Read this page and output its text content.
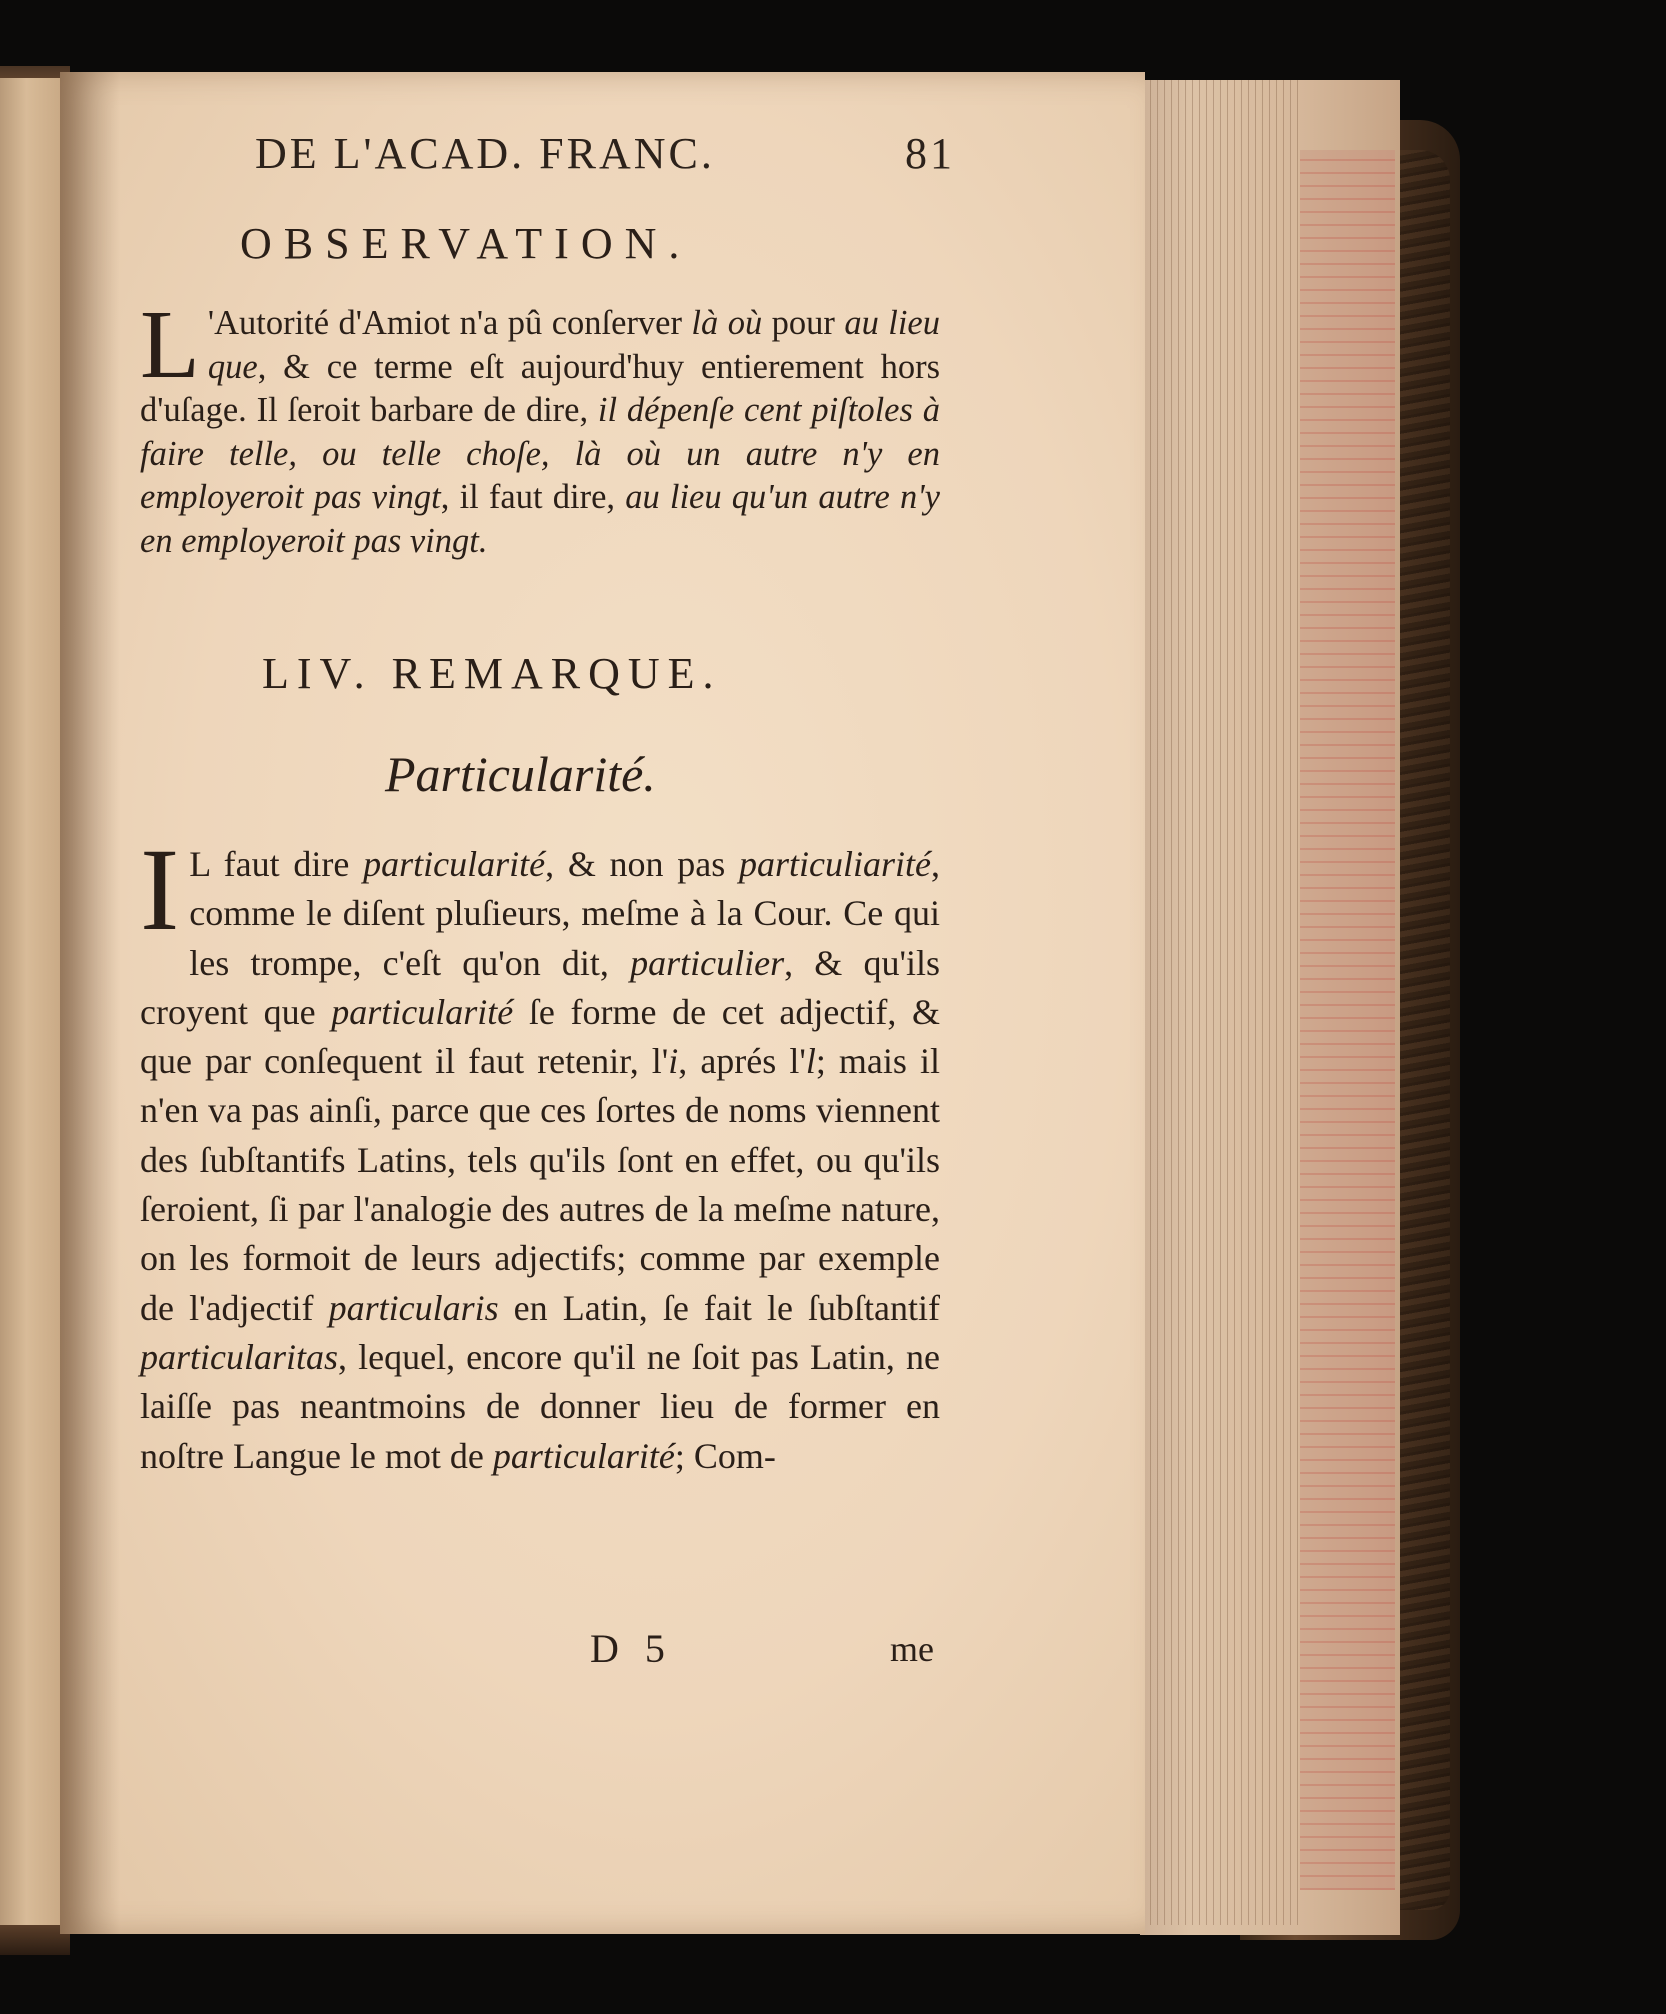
DE L'ACAD. FRANC.	81
OBSERVATION.
L 'Autorité d'Amiot n'a pû conſerver là où pour au lieu que, & ce terme eſt aujourd'huy entierement hors d'uſage. Il ſeroit barbare de dire, il dépenſe cent piſtoles à faire telle, ou telle choſe, là où un autre n'y en employeroit pas vingt, il faut dire, au lieu qu'un autre n'y en employeroit pas vingt.
LIV. REMARQUE.
Particularité.
I L faut dire particularité, & non pas particuliarité, comme le diſent pluſieurs, meſme à la Cour. Ce qui les trompe, c'eſt qu'on dit, particulier, & qu'ils croyent que particularité ſe forme de cet adjectif, & que par conſequent il faut retenir, l'i, aprés l'l; mais il n'en va pas ainſi, parce que ces ſortes de noms viennent des ſubſtantifs Latins, tels qu'ils ſont en effet, ou qu'ils ſeroient, ſi par l'analogie des autres de la meſme nature, on les formoit de leurs adjectifs; comme par exemple de l'adjectif particularis en Latin, ſe fait le ſubſtantif particularitas, lequel, encore qu'il ne ſoit pas Latin, ne laiſſe pas neantmoins de donner lieu de former en noſtre Langue le mot de particularité; Com-
D 5	me
